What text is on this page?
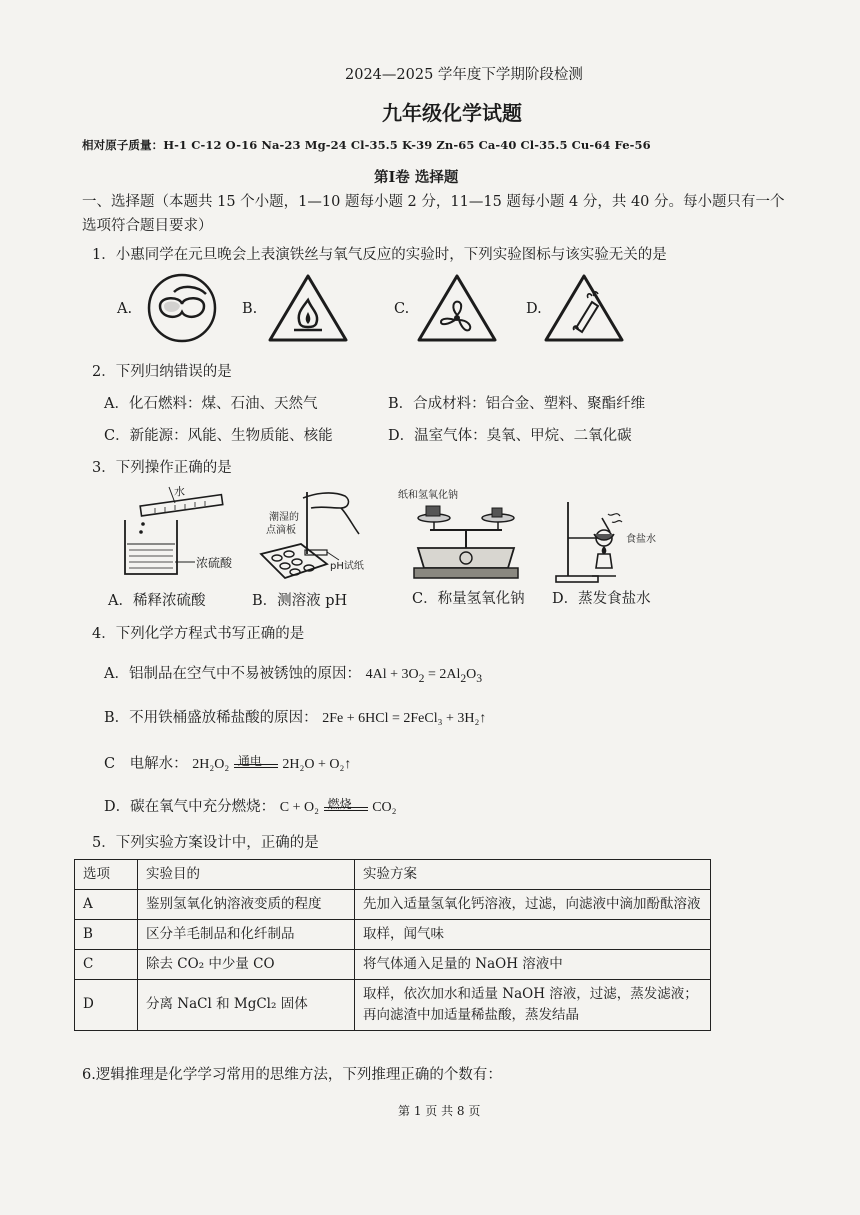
2024—2025 学年度下学期阶段检测
九年级化学试题
相对原子质量：H-1 C-12 O-16 Na-23 Mg-24 Cl-35.5 K-39 Zn-65 Ca-40 Cl-35.5 Cu-64 Fe-56
第Ⅰ卷 选择题
一、选择题（本题共 15 个小题，1—10 题每小题 2 分，11—15 题每小题 4 分，共 40 分。每小题只有一个
选项符合题目要求）
1．小惠同学在元旦晚会上表演铁丝与氧气反应的实验时，下列实验图标与该实验无关的是
A.	B.	C.	D.
2．下列归纳错误的是
A．化石燃料：煤、石油、天然气	B．合成材料：铝合金、塑料、聚酯纤维
C．新能源：风能、生物质能、核能	D．温室气体：臭氧、甲烷、二氧化碳
3．下列操作正确的是
水
浓硫酸
潮湿的
点滴板
pH试纸
纸和氢氧化钠
食盐水
A．稀释浓硫酸	B．测溶液 pH	C．称量氢氧化钠 D．蒸发食盐水
4．下列化学方程式书写正确的是
A．铝制品在空气中不易被锈蚀的原因： $4Al + 3O_2 = 2Al_2O_3$
B．不用铁桶盛放稀盐酸的原因： 2Fe + 6HCl = 2FeCl₃ + 3H₂↑
C　电解水： 2H₂O₂ 通电 2H₂O + O₂↑
D．碳在氧气中充分燃烧： C + O₂ 燃烧 CO₂
5．下列实验方案设计中，正确的是
选项	实验目的	实验方案
A	鉴别氢氧化钠溶液变质的程度	先加入适量氢氧化钙溶液，过滤，向滤液中滴加酚酞溶液
B	区分羊毛制品和化纤制品	取样，闻气味
C	除去 CO₂ 中少量 CO	将气体通入足量的 NaOH 溶液中
D	分离 NaCl 和 MgCl₂ 固体	取样，依次加水和适量 NaOH 溶液，过滤，蒸发滤液；再向滤渣中加适量稀盐酸，蒸发结晶
6.逻辑推理是化学学习常用的思维方法，下列推理正确的个数有：
第 1 页 共 8 页
